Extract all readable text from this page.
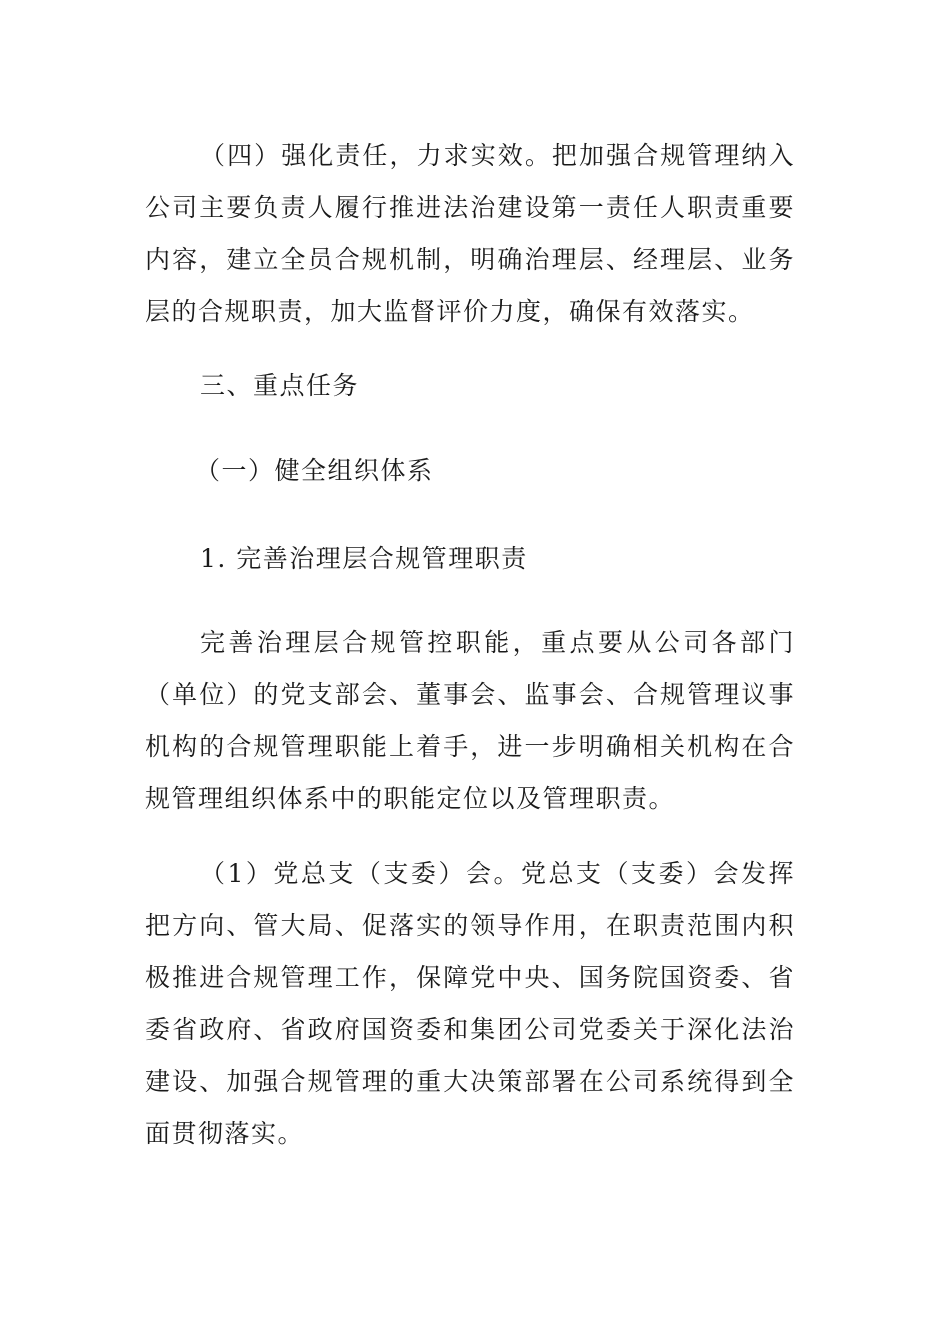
（四）强化责任，力求实效。把加强合规管理纳入公司主要负责人履行推进法治建设第一责任人职责重要内容，建立全员合规机制，明确治理层、经理层、业务层的合规职责，加大监督评价力度，确保有效落实。

三、重点任务

（一）健全组织体系

1. 完善治理层合规管理职责

完善治理层合规管控职能，重点要从公司各部门（单位）的党支部会、董事会、监事会、合规管理议事机构的合规管理职能上着手，进一步明确相关机构在合规管理组织体系中的职能定位以及管理职责。

（1）党总支（支委）会。党总支（支委）会发挥把方向、管大局、促落实的领导作用，在职责范围内积极推进合规管理工作，保障党中央、国务院国资委、省委省政府、省政府国资委和集团公司党委关于深化法治建设、加强合规管理的重大决策部署在公司系统得到全面贯彻落实。
